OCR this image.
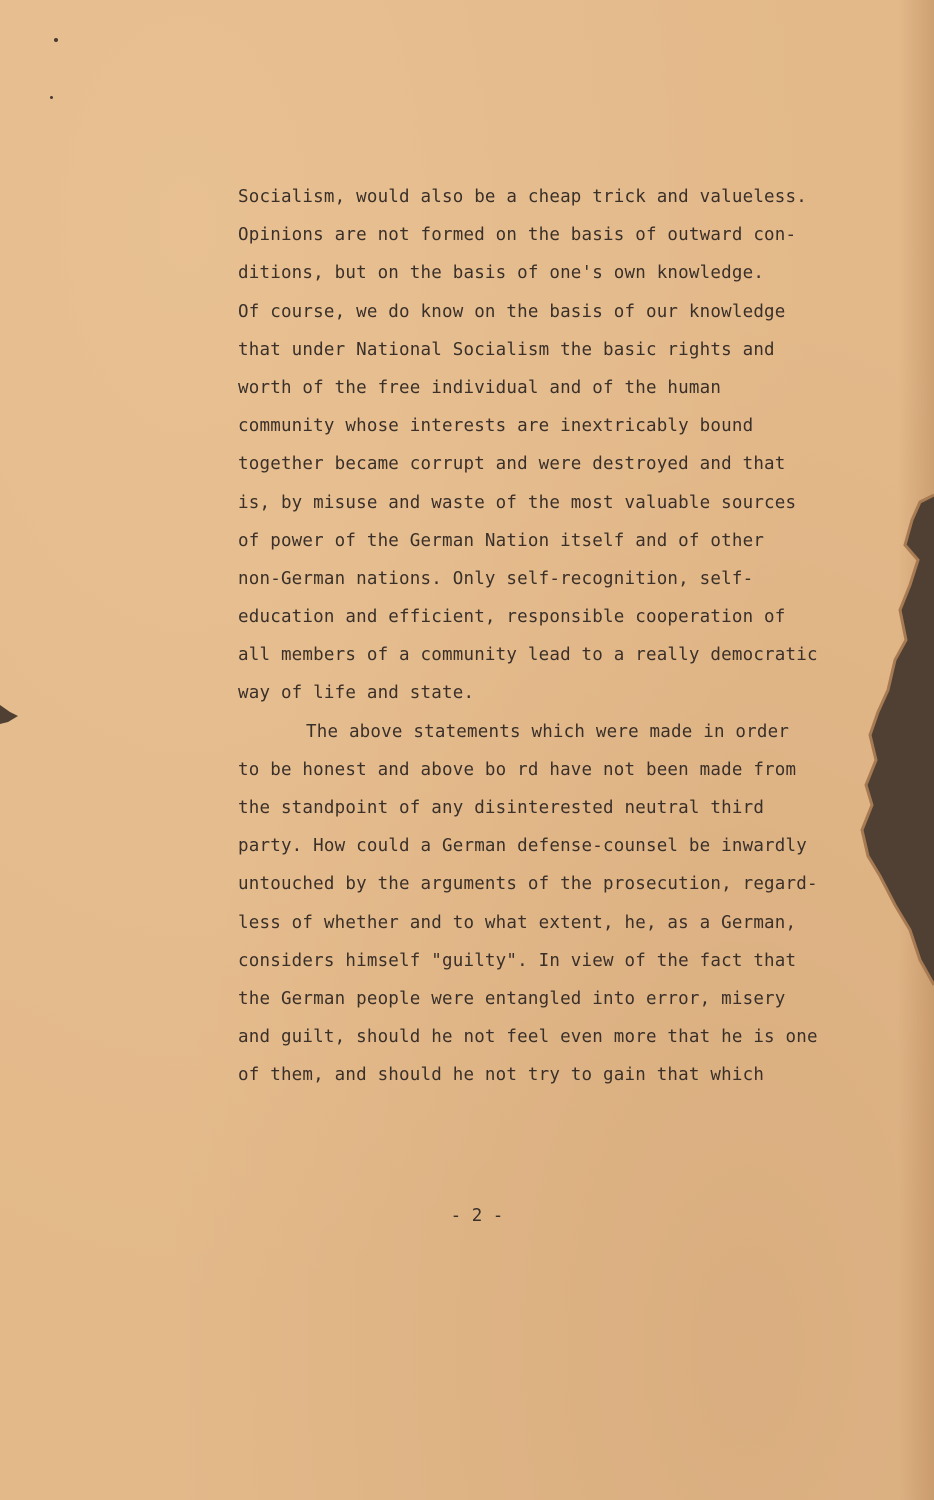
Socialism, would also be a cheap trick and valueless.
Opinions are not formed on the basis of outward con-
ditions, but on the basis of one's own knowledge.
Of course, we do know on the basis of our knowledge
that under National Socialism the basic rights and
worth of the free individual and of the human
community whose interests are inextricably bound
together became corrupt and were destroyed and that
is, by misuse and waste of the most valuable sources
of power of the German Nation itself and of other
non-German nations. Only self-recognition, self-
education and efficient, responsible cooperation of
all members of a community lead to a really democratic
way of life and state.
The above statements which were made in order
to be honest and above bo rd have not been made from
the standpoint of any disinterested neutral third
party. How could a German defense-counsel be inwardly
untouched by the arguments of the prosecution, regard-
less of whether and to what extent, he, as a German,
considers himself "guilty". In view of the fact that
the German people were entangled into error, misery
and guilt, should he not feel even more that he is one
of them, and should he not try to gain that which
- 2 -
